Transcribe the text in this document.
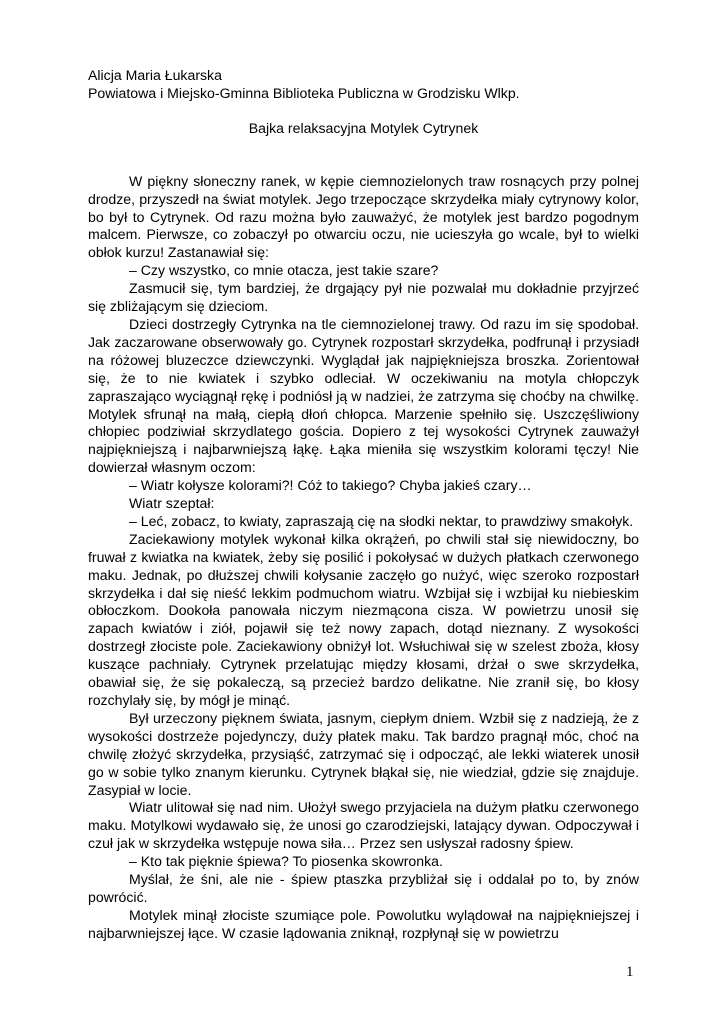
Alicja Maria Łukarska

Powiatowa i Miejsko-Gminna Biblioteka Publiczna w Grodzisku Wlkp.

Bajka relaksacyjna Motylek Cytrynek

W piękny słoneczny ranek, w kępie ciemnozielonych traw rosnących przy polnej drodze, przyszedł na świat motylek. Jego trzepoczące skrzydełka miały cytrynowy kolor, bo był to Cytrynek. Od razu można było zauważyć, że motylek jest bardzo pogodnym malcem. Pierwsze, co zobaczył po otwarciu oczu, nie ucieszyła go wcale, był to wielki obłok kurzu! Zastanawiał się:

– Czy wszystko, co mnie otacza, jest takie szare?

Zasmucił się, tym bardziej, że drgający pył nie pozwalał mu dokładnie przyjrzeć się zbliżającym się dzieciom.

Dzieci dostrzegły Cytrynka na tle ciemnozielonej trawy. Od razu im się spodobał. Jak zaczarowane obserwowały go. Cytrynek rozpostarł skrzydełka, podfrunął i przysiadł na różowej bluzeczce dziewczynki. Wyglądał jak najpiękniejsza broszka. Zorientował się, że to nie kwiatek i szybko odleciał. W oczekiwaniu na motyla chłopczyk zapraszająco wyciągnął rękę i podniósł ją w nadziei, że zatrzyma się choćby na chwilkę. Motylek sfrunął na małą, ciepłą dłoń chłopca. Marzenie spełniło się. Uszczęśliwiony chłopiec podziwiał skrzydlatego gościa. Dopiero z tej wysokości Cytrynek zauważył najpiękniejszą i najbarwniejszą łąkę. Łąka mieniła się wszystkim kolorami tęczy! Nie dowierzał własnym oczom:

– Wiatr kołysze kolorami?! Cóż to takiego? Chyba jakieś czary…

Wiatr szeptał:

– Leć, zobacz, to kwiaty, zapraszają cię na słodki nektar, to prawdziwy smakołyk.

Zaciekawiony motylek wykonał kilka okrążeń, po chwili stał się niewidoczny, bo fruwał z kwiatka na kwiatek, żeby się posilić i pokołysać w dużych płatkach czerwonego maku. Jednak, po dłuższej chwili kołysanie zaczęło go nużyć, więc szeroko rozpostarł skrzydełka i dał się nieść lekkim podmuchom wiatru. Wzbijał się i wzbijał ku niebieskim obłoczkom. Dookoła panowała niczym niezmącona cisza. W powietrzu unosił się zapach kwiatów i ziół, pojawił się też nowy zapach, dotąd nieznany. Z wysokości dostrzegł złociste pole. Zaciekawiony obniżył lot. Wsłuchiwał się w szelest zboża, kłosy kuszące pachniały. Cytrynek przelatując między kłosami, drżał o swe skrzydełka, obawiał się, że się pokaleczą, są przecież bardzo delikatne. Nie zranił się, bo kłosy rozchylały się, by mógł je minąć.

Był urzeczony pięknem świata, jasnym, ciepłym dniem. Wzbił się z nadzieją, że z wysokości dostrzeże pojedynczy, duży płatek maku. Tak bardzo pragnął móc, choć na chwilę złożyć skrzydełka, przysiąść, zatrzymać się i odpocząć, ale lekki wiaterek unosił go w sobie tylko znanym kierunku. Cytrynek błąkał się, nie wiedział, gdzie się znajduje. Zasypiał w locie.

Wiatr ulitował się nad nim. Ułożył swego przyjaciela na dużym płatku czerwonego maku. Motylkowi wydawało się, że unosi go czarodziejski, latający dywan. Odpoczywał i czuł jak w skrzydełka wstępuje nowa siła… Przez sen usłyszał radosny śpiew.

– Kto tak pięknie śpiewa? To piosenka skowronka.

Myślał, że śni, ale nie - śpiew ptaszka przybliżał się i oddalał po to, by znów powrócić.

Motylek minął złociste szumiące pole. Powolutku wylądował na najpiękniejszej i najbarwniejszej łące. W czasie lądowania zniknął, rozpłynął się w powietrzu

1
